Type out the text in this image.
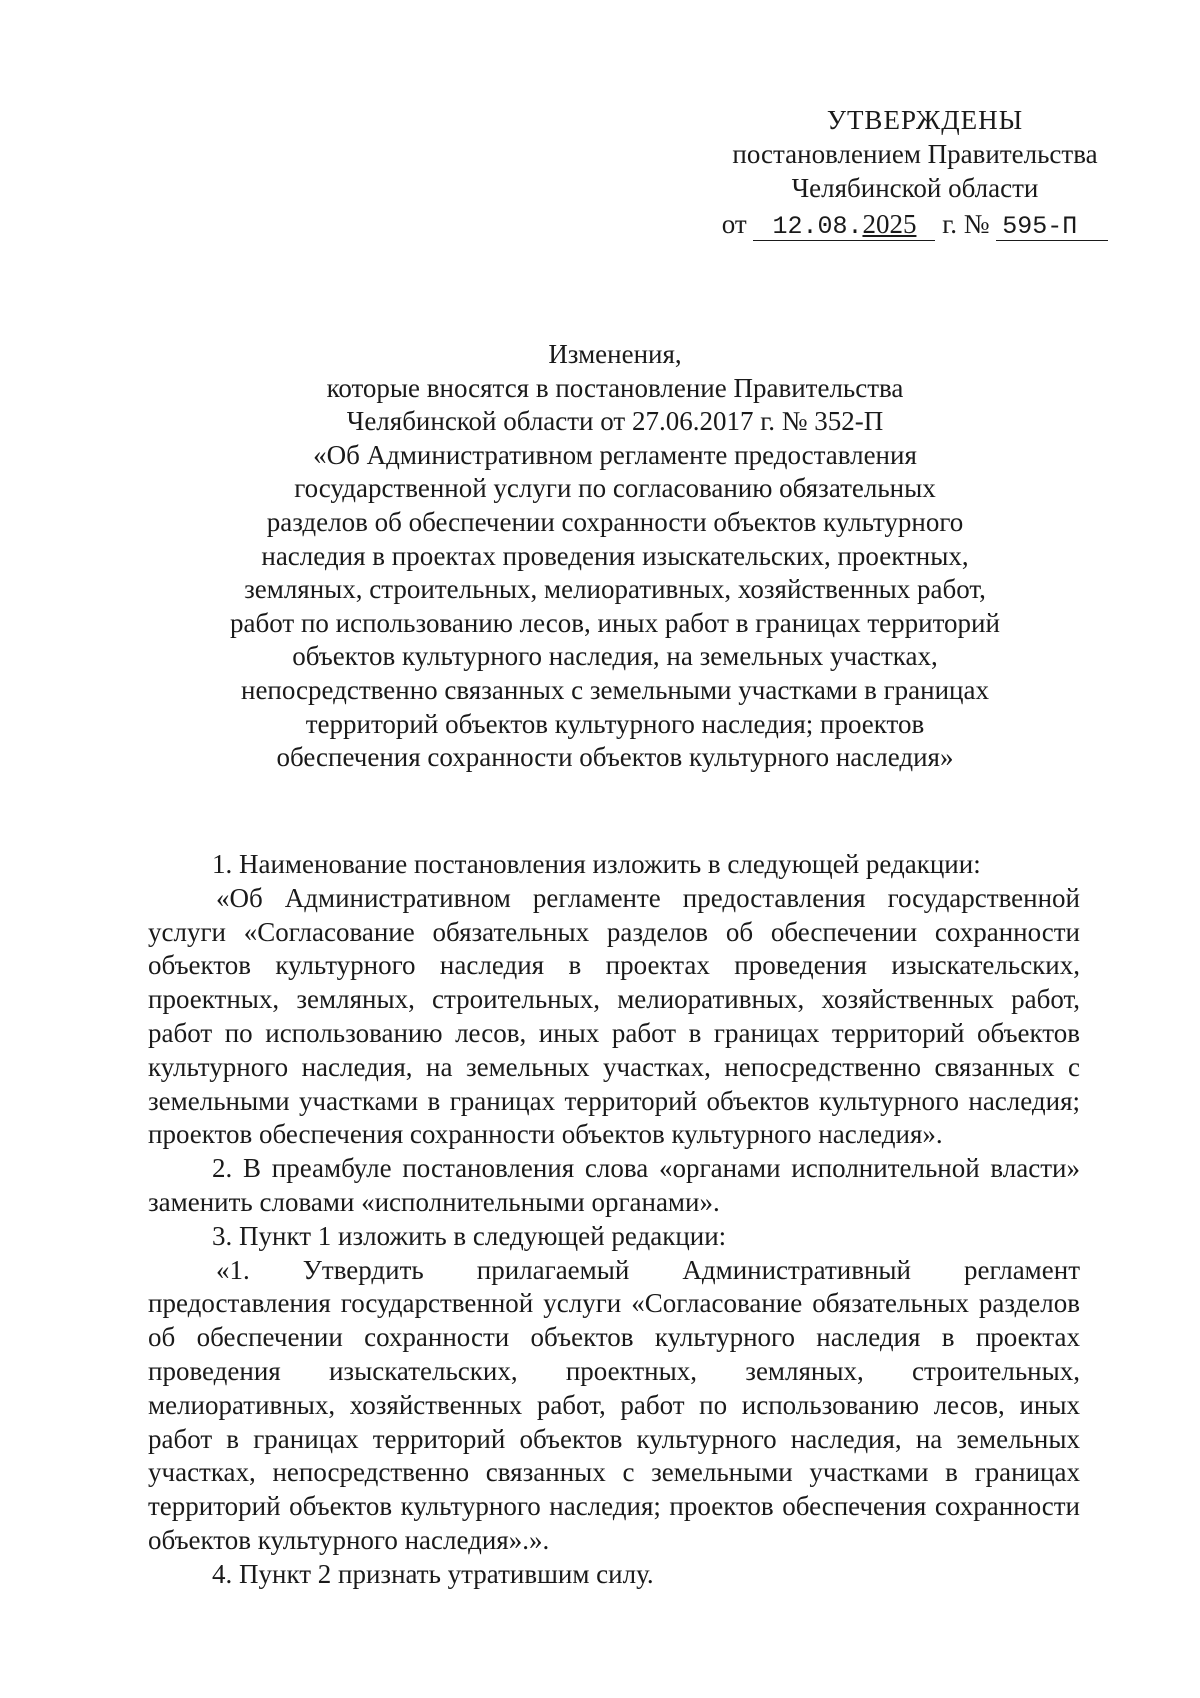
УТВЕРЖДЕНЫ
постановлением Правительства
Челябинской области
от 12.08.2025 г. № 595-П
Изменения,
которые вносятся в постановление Правительства
Челябинской области от 27.06.2017 г. № 352-П
«Об Административном регламенте предоставления
государственной услуги по согласованию обязательных
разделов об обеспечении сохранности объектов культурного
наследия в проектах проведения изыскательских, проектных,
земляных, строительных, мелиоративных, хозяйственных работ,
работ по использованию лесов, иных работ в границах территорий
объектов культурного наследия, на земельных участках,
непосредственно связанных с земельными участками в границах
территорий объектов культурного наследия; проектов
обеспечения сохранности объектов культурного наследия»

1. Наименование постановления изложить в следующей редакции:

«Об Административном регламенте предоставления государственной услуги «Согласование обязательных разделов об обеспечении сохранности объектов культурного наследия в проектах проведения изыскательских, проектных, земляных, строительных, мелиоративных, хозяйственных работ, работ по использованию лесов, иных работ в границах территорий объектов культурного наследия, на земельных участках, непосредственно связанных с земельными участками в границах территорий объектов культурного наследия; проектов обеспечения сохранности объектов культурного наследия».

2. В преамбуле постановления слова «органами исполнительной власти» заменить словами «исполнительными органами».

3. Пункт 1 изложить в следующей редакции:

«1. Утвердить прилагаемый Административный регламент предоставления государственной услуги «Согласование обязательных разделов об обеспечении сохранности объектов культурного наследия в проектах проведения изыскательских, проектных, земляных, строительных, мелиоративных, хозяйственных работ, работ по использованию лесов, иных работ в границах территорий объектов культурного наследия, на земельных участках, непосредственно связанных с земельными участками в границах территорий объектов культурного наследия; проектов обеспечения сохранности объектов культурного наследия».».

4. Пункт 2 признать утратившим силу.
